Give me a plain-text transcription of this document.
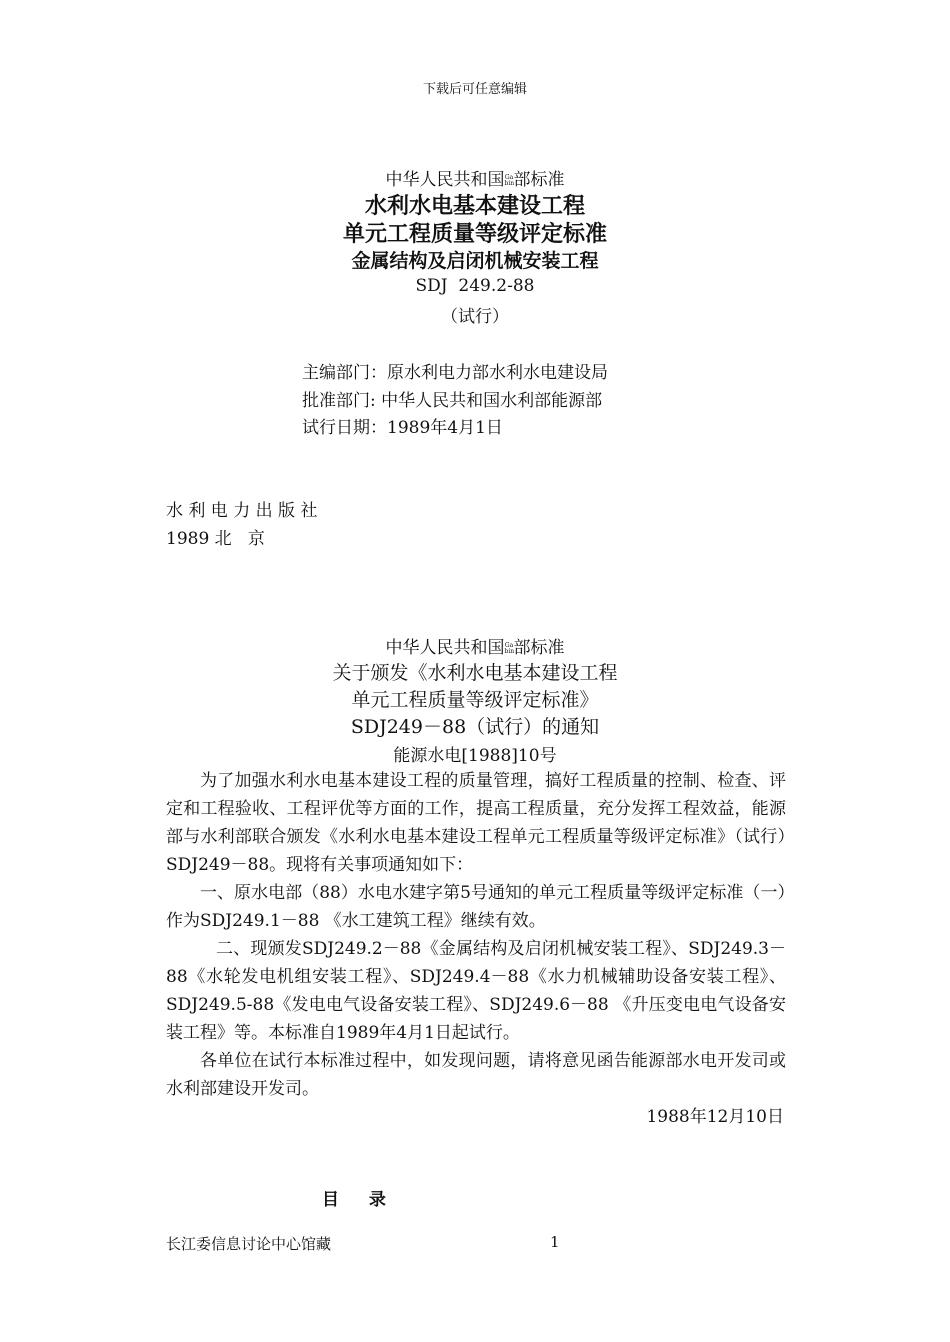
下载后可任意编辑
中华人民共和国Ga
bin部标准
水利水电基本建设工程
单元工程质量等级评定标准
金属结构及启闭机械安装工程
SDJ  249.2-88
（试行）
主编部门：原水利电力部水利水电建设局
批准部门: 中华人民共和国水利部能源部
试行日期：1989年4月1日
水 利 电 力 出 版 社
1989 北   京
中华人民共和国Ga
bin部标准
关于颁发《水利水电基本建设工程
单元工程质量等级评定标准》
SDJ249－88（试行）的通知
能源水电[1988]10号
为了加强水利水电基本建设工程的质量管理，搞好工程质量的控制、检查、评定和工程验收、工程评优等方面的工作，提高工程质量，充分发挥工程效益，能源部与水利部联合颁发《水利水电基本建设工程单元工程质量等级评定标准》（试行）SDJ249－88。现将有关事项通知如下：
一、原水电部（88）水电水建字第5号通知的单元工程质量等级评定标准（一）作为SDJ249.1－88 《水工建筑工程》继续有效。
二、现颁发SDJ249.2－88《金属结构及启闭机械安装工程》、SDJ249.3－88《水轮发电机组安装工程》、SDJ249.4－88《水力机械辅助设备安装工程》、SDJ249.5-88《发电电气设备安装工程》、SDJ249.6－88 《升压变电电气设备安装工程》等。本标准自1989年4月1日起试行。
各单位在试行本标准过程中，如发现问题，请将意见函告能源部水电开发司或水利部建设开发司。
1988年12月10日
目 录
长江委信息讨论中心馆藏	1
